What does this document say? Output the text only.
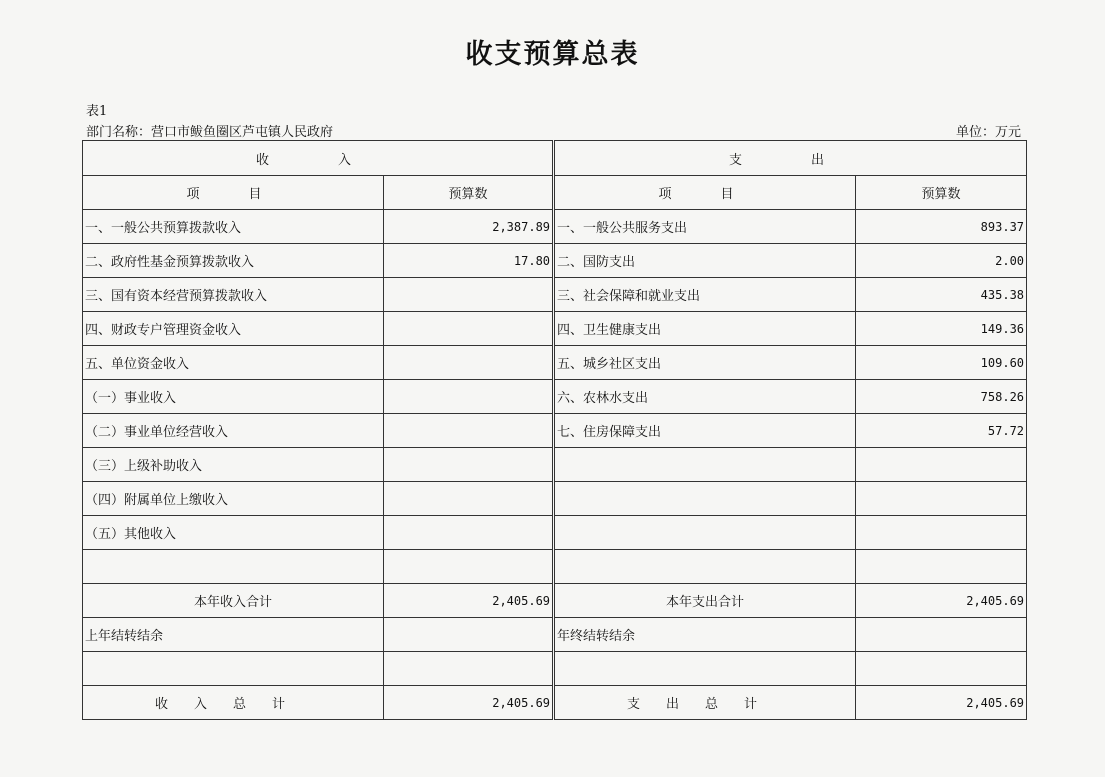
收支预算总表
表1
部门名称：营口市鲅鱼圈区芦屯镇人民政府	单位：万元
收　入		支　出	
项　目	预算数	项　目	预算数
一、一般公共预算拨款收入	2,387.89	一、一般公共服务支出	893.37
二、政府性基金预算拨款收入	17.80	二、国防支出	2.00
三、国有资本经营预算拨款收入		三、社会保障和就业支出	435.38
四、财政专户管理资金收入		四、卫生健康支出	149.36
五、单位资金收入		五、城乡社区支出	109.60
（一）事业收入		六、农林水支出	758.26
（二）事业单位经营收入		七、住房保障支出	57.72
（三）上级补助收入			
（四）附属单位上缴收入			
（五）其他收入			

本年收入合计	2,405.69	本年支出合计	2,405.69
上年结转结余		年终结转结余	

收入总计	2,405.69	支出总计	2,405.69
